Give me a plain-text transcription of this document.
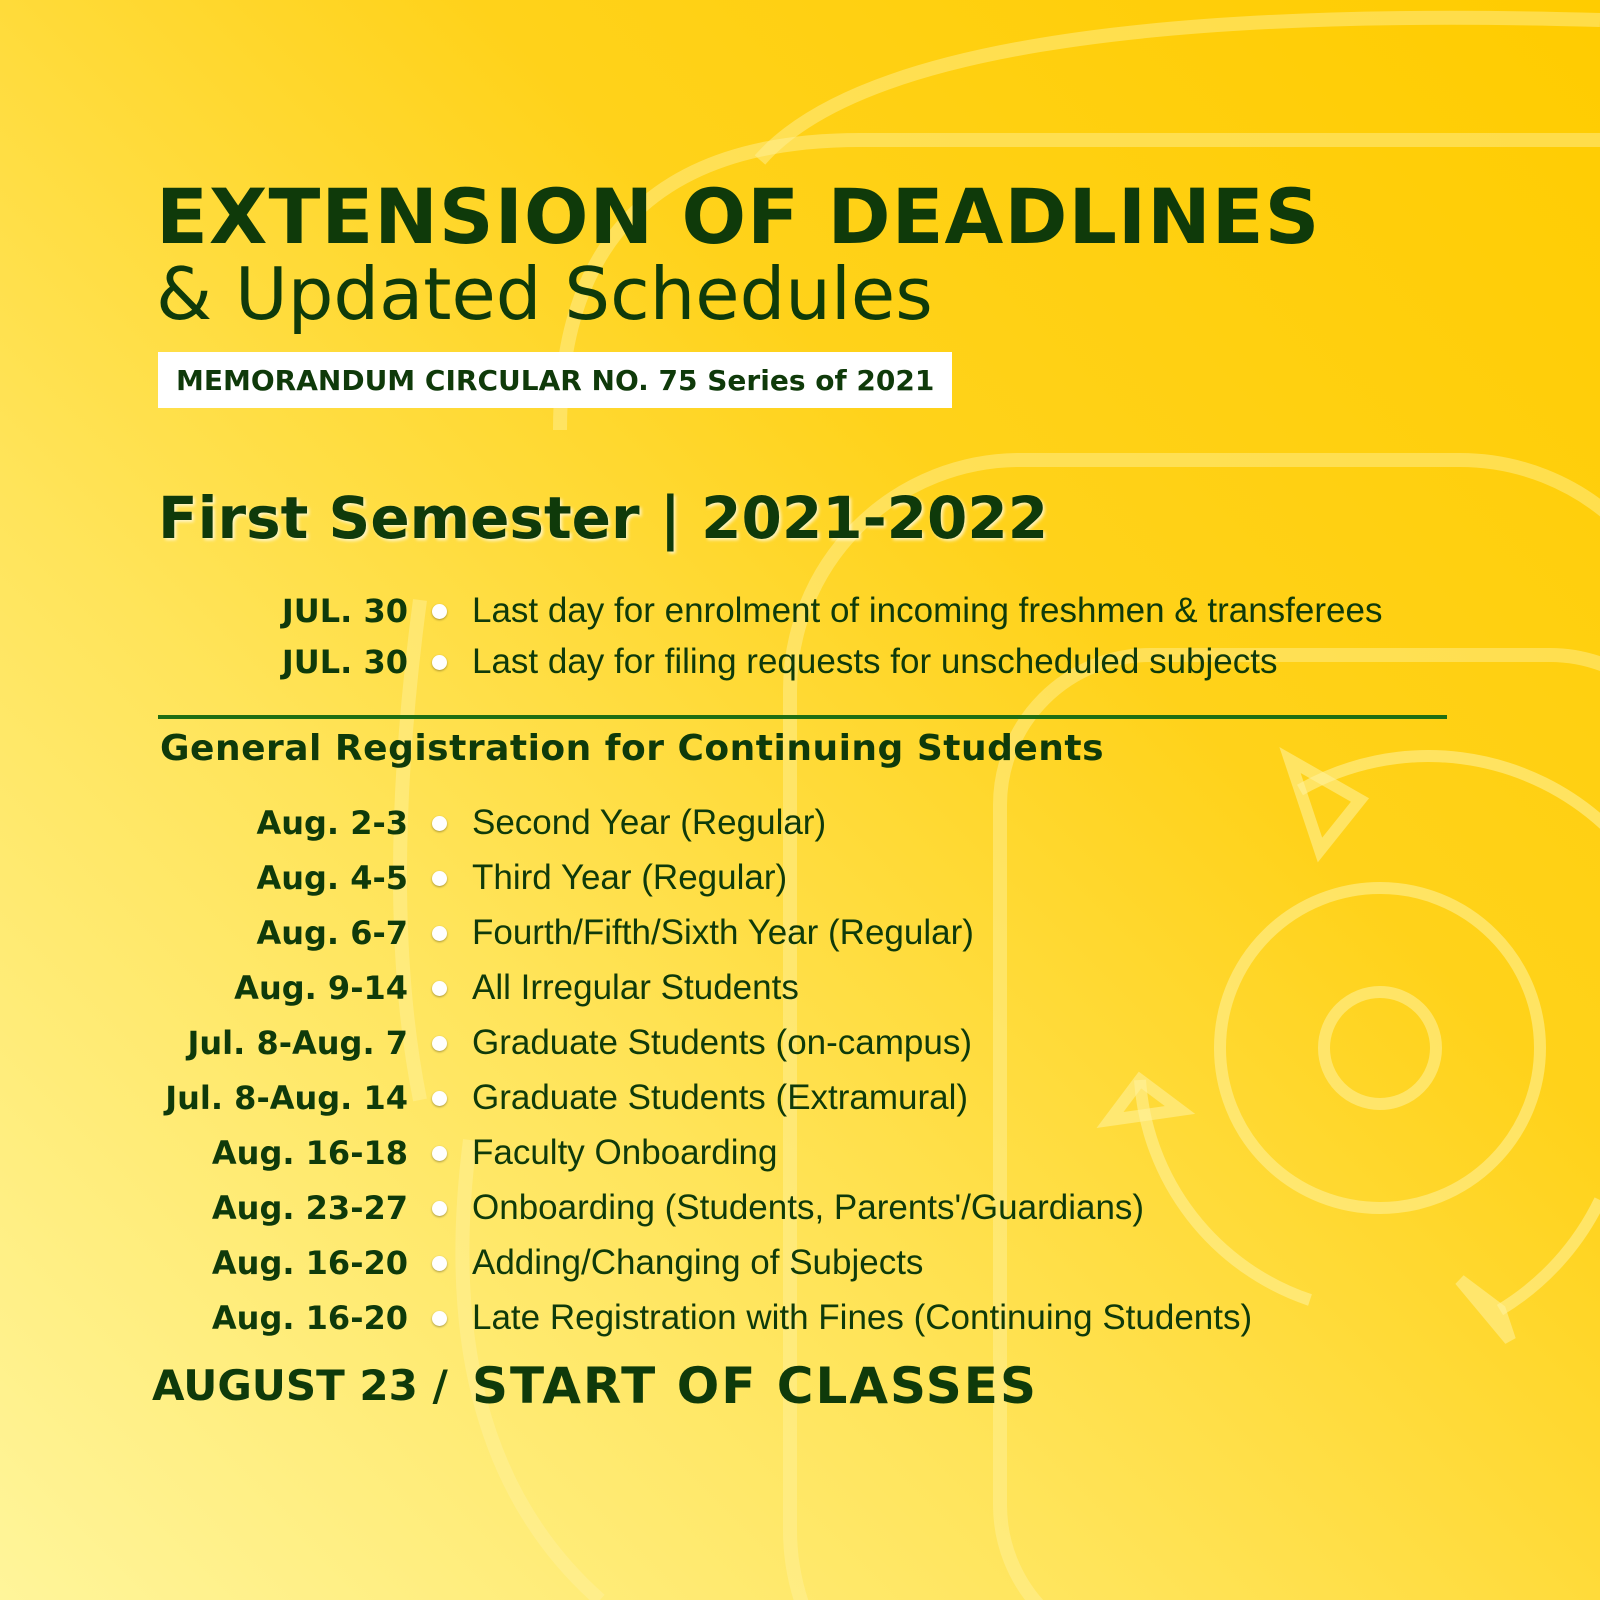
EXTENSION OF DEADLINES
& Updated Schedules
MEMORANDUM CIRCULAR NO. 75 Series of 2021
First Semester | 2021-2022
JUL. 30 Last day for enrolment of incoming freshmen & transferees
JUL. 30 Last day for filing requests for unscheduled subjects
General Registration for Continuing Students
Aug. 2-3 Second Year (Regular)
Aug. 4-5 Third Year (Regular)
Aug. 6-7 Fourth/Fifth/Sixth Year (Regular)
Aug. 9-14 All Irregular Students
Jul. 8-Aug. 7 Graduate Students (on-campus)
Jul. 8-Aug. 14 Graduate Students (Extramural)
Aug. 16-18 Faculty Onboarding
Aug. 23-27 Onboarding (Students, Parents'/Guardians)
Aug. 16-20 Adding/Changing of Subjects
Aug. 16-20 Late Registration with Fines (Continuing Students)
AUGUST 23 / START OF CLASSES
